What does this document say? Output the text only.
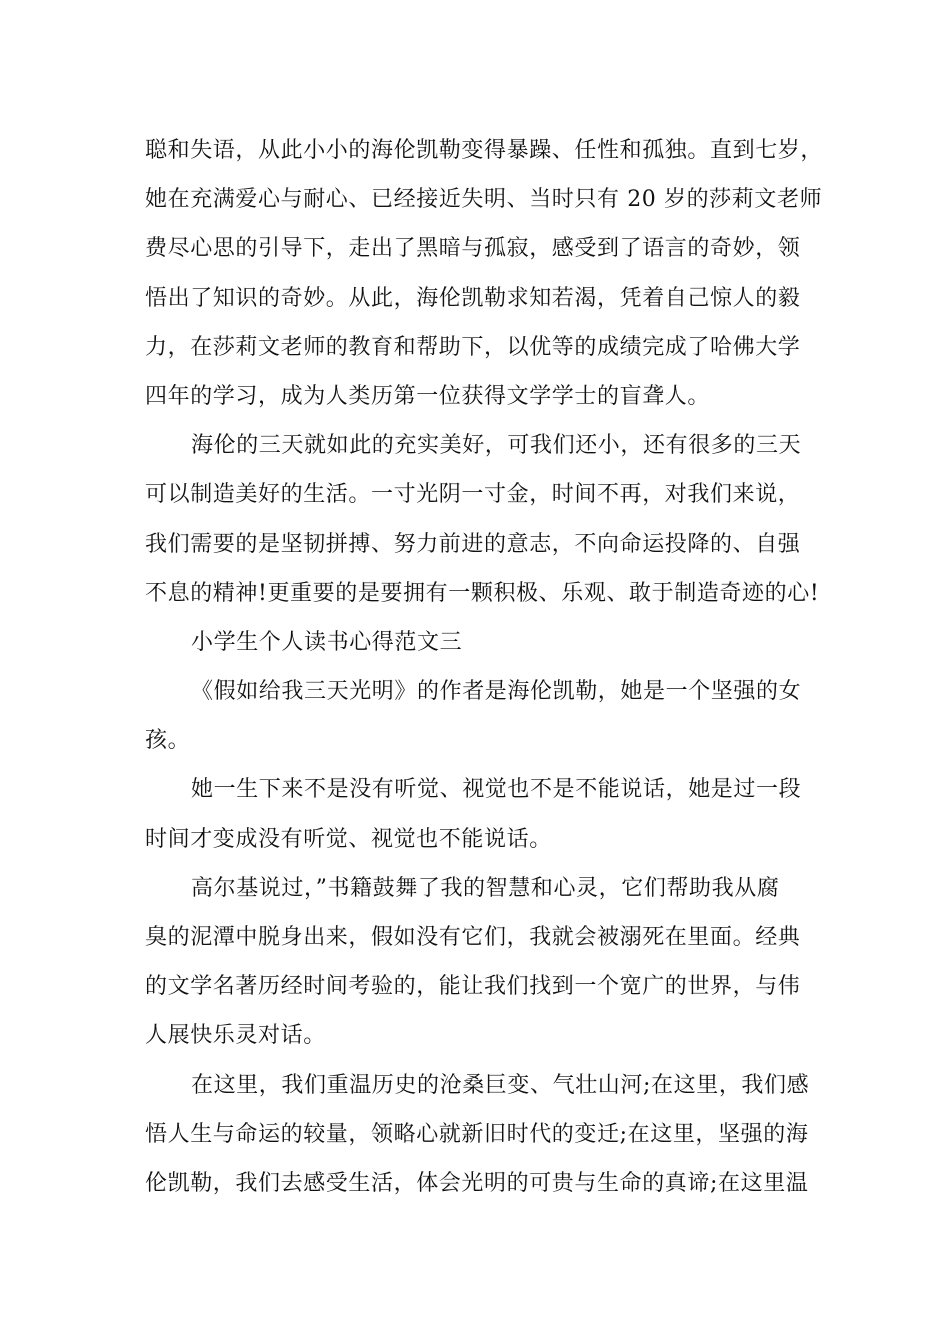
聪和失语，从此小小的海伦凯勒变得暴躁、任性和孤独。直到七岁，
她在充满爱心与耐心、已经接近失明、当时只有 20 岁的莎莉文老师
费尽心思的引导下，走出了黑暗与孤寂，感受到了语言的奇妙，领
悟出了知识的奇妙。从此，海伦凯勒求知若渴，凭着自己惊人的毅
力，在莎莉文老师的教育和帮助下，以优等的成绩完成了哈佛大学
四年的学习，成为人类历第一位获得文学学士的盲聋人。
海伦的三天就如此的充实美好，可我们还小，还有很多的三天
可以制造美好的生活。一寸光阴一寸金，时间不再，对我们来说，
我们需要的是坚韧拼搏、努力前进的意志，不向命运投降的、自强
不息的精神!更重要的是要拥有一颗积极、乐观、敢于制造奇迹的心!
小学生个人读书心得范文三
《假如给我三天光明》的作者是海伦凯勒，她是一个坚强的女
孩。
她一生下来不是没有听觉、视觉也不是不能说话，她是过一段
时间才变成没有听觉、视觉也不能说话。
高尔基说过，”书籍鼓舞了我的智慧和心灵，它们帮助我从腐
臭的泥潭中脱身出来，假如没有它们，我就会被溺死在里面。经典
的文学名著历经时间考验的，能让我们找到一个宽广的世界，与伟
人展快乐灵对话。
在这里，我们重温历史的沧桑巨变、气壮山河;在这里，我们感
悟人生与命运的较量，领略心就新旧时代的变迁;在这里，坚强的海
伦凯勒，我们去感受生活，体会光明的可贵与生命的真谛;在这里温
